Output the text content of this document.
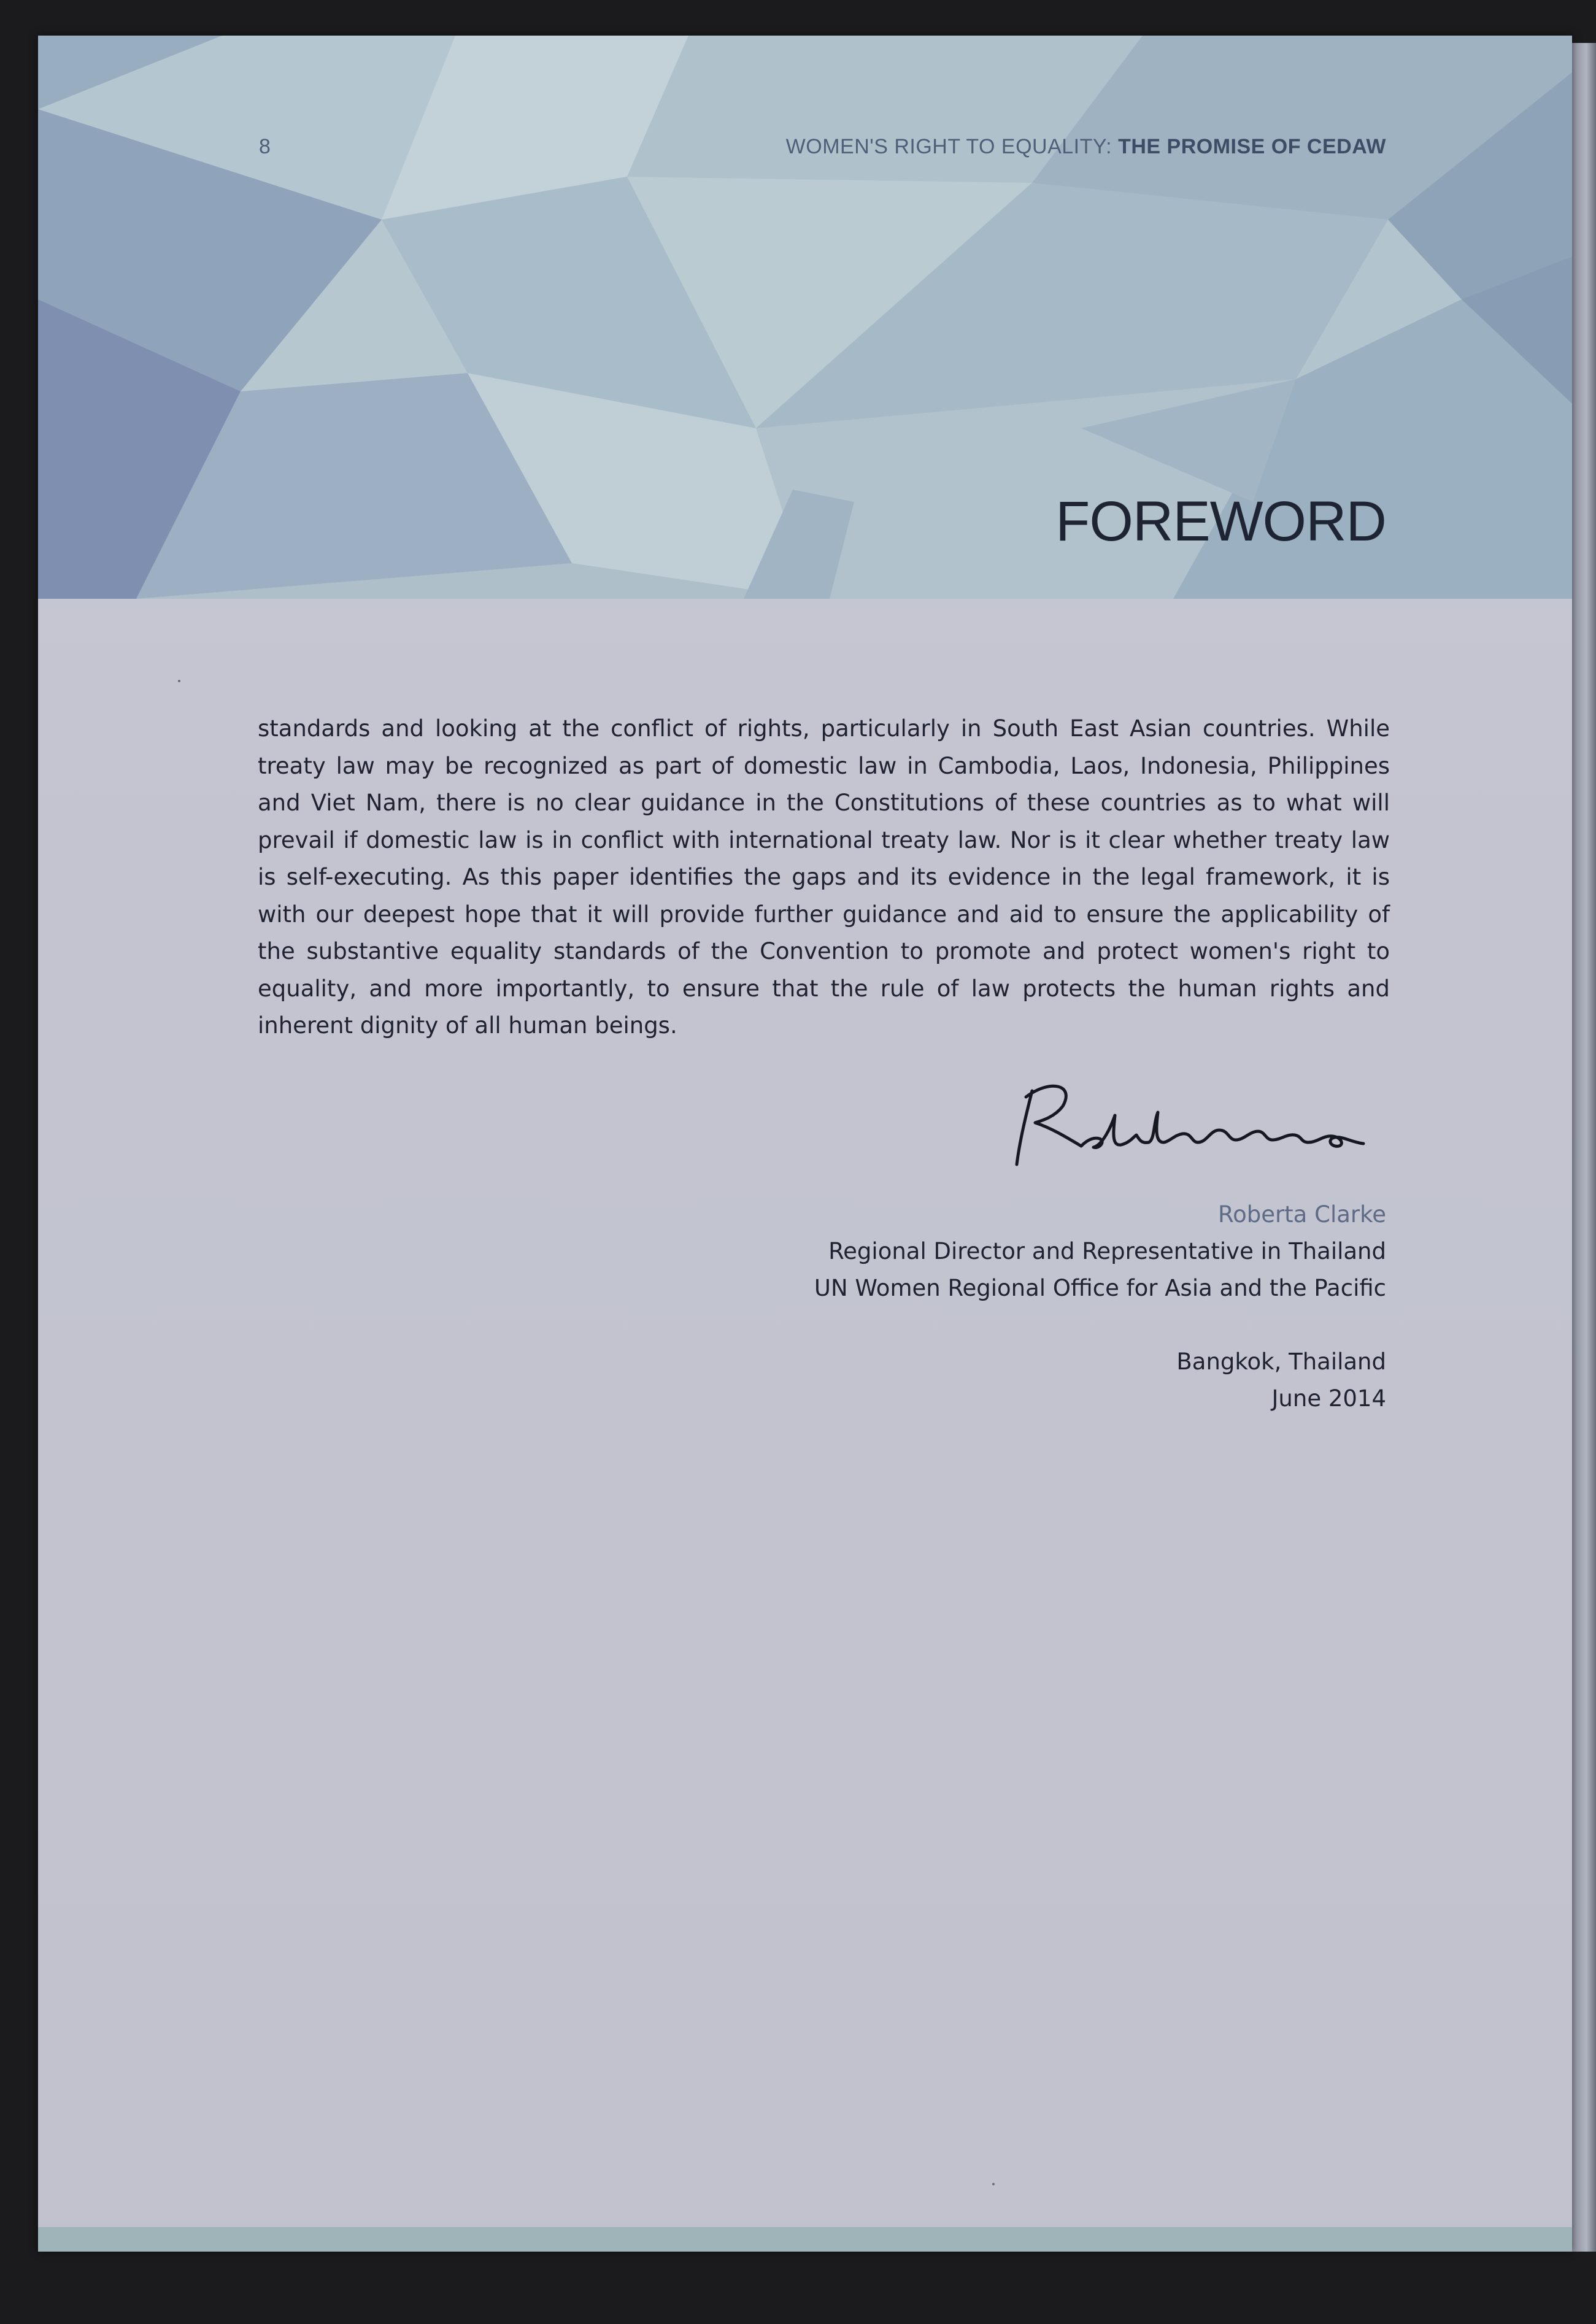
8	WOMEN'S RIGHT TO EQUALITY: THE PROMISE OF CEDAW
FOREWORD
standards and looking at the conflict of rights, particularly in South East Asian countries. While treaty law may be recognized as part of domestic law in Cambodia, Laos, Indonesia, Philippines and Viet Nam, there is no clear guidance in the Constitutions of these countries as to what will prevail if domestic law is in conflict with international treaty law. Nor is it clear whether treaty law is self-executing. As this paper identifies the gaps and its evidence in the legal framework, it is with our deepest hope that it will provide further guidance and aid to ensure the applicability of the substantive equality standards of the Convention to promote and protect women's right to equality, and more importantly, to ensure that the rule of law protects the human rights and inherent dignity of all human beings.
Roberta Clarke
Regional Director and Representative in Thailand
UN Women Regional Office for Asia and the Pacific
Bangkok, Thailand
June 2014
